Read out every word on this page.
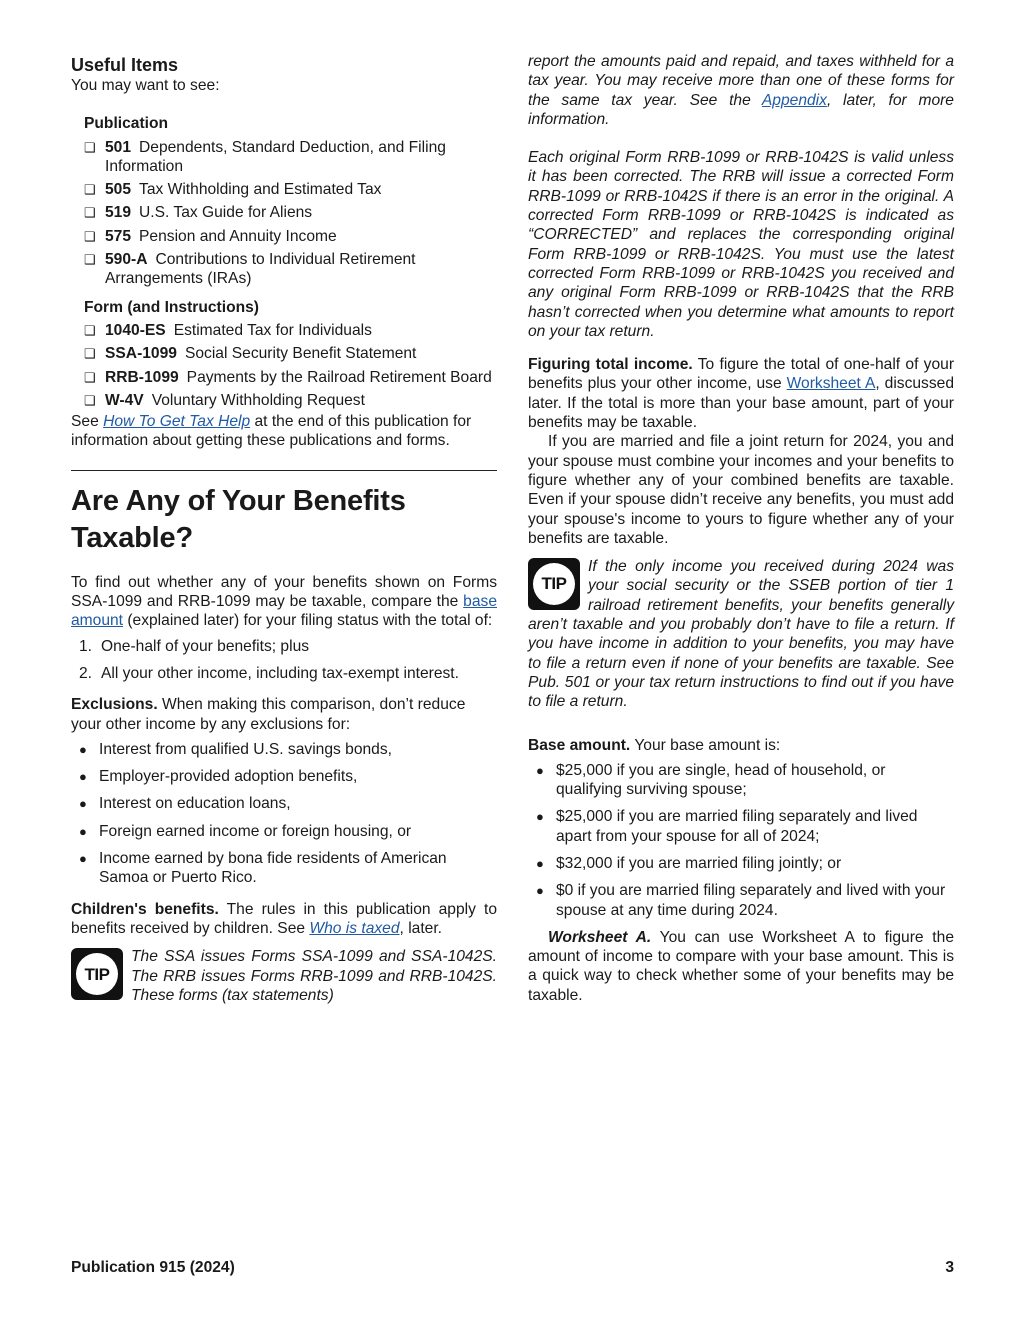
Useful Items

You may want to see:

Publication
❑ 501 Dependents, Standard Deduction, and Filing Information
❑ 505 Tax Withholding and Estimated Tax
❑ 519 U.S. Tax Guide for Aliens
❑ 575 Pension and Annuity Income
❑ 590-A Contributions to Individual Retirement Arrangements (IRAs)
Form (and Instructions)
❑ 1040-ES Estimated Tax for Individuals
❑ SSA-1099 Social Security Benefit Statement
❑ RRB-1099 Payments by the Railroad Retirement Board
❑ W-4V Voluntary Withholding Request

See How To Get Tax Help at the end of this publication for information about getting these publications and forms.

Are Any of Your Benefits Taxable?

To find out whether any of your benefits shown on Forms SSA-1099 and RRB-1099 may be taxable, compare the base amount (explained later) for your filing status with the total of:

1. One-half of your benefits; plus
2. All your other income, including tax-exempt interest.

Exclusions. When making this comparison, don’t reduce your other income by any exclusions for:

● Interest from qualified U.S. savings bonds,
● Employer-provided adoption benefits,
● Interest on education loans,
● Foreign earned income or foreign housing, or
● Income earned by bona fide residents of American Samoa or Puerto Rico.

Children's benefits. The rules in this publication apply to benefits received by children. See Who is taxed, later.

TIP

The SSA issues Forms SSA-1099 and SSA-1042S. The RRB issues Forms RRB-1099 and RRB-1042S. These forms (tax statements)

report the amounts paid and repaid, and taxes withheld for a tax year. You may receive more than one of these forms for the same tax year. See the Appendix, later, for more information.

Each original Form RRB-1099 or RRB-1042S is valid unless it has been corrected. The RRB will issue a corrected Form RRB-1099 or RRB-1042S if there is an error in the original. A corrected Form RRB-1099 or RRB-1042S is indicated as “CORRECTED” and replaces the corresponding original Form RRB-1099 or RRB-1042S. You must use the latest corrected Form RRB-1099 or RRB-1042S you received and any original Form RRB-1099 or RRB-1042S that the RRB hasn’t corrected when you determine what amounts to report on your tax return.

Figuring total income. To figure the total of one-half of your benefits plus your other income, use Worksheet A, discussed later. If the total is more than your base amount, part of your benefits may be taxable.

If you are married and file a joint return for 2024, you and your spouse must combine your incomes and your benefits to figure whether any of your combined benefits are taxable. Even if your spouse didn’t receive any benefits, you must add your spouse's income to yours to figure whether any of your benefits are taxable.

TIP

If the only income you received during 2024 was your social security or the SSEB portion of tier 1 railroad retirement benefits, your benefits generally aren’t taxable and you probably don’t have to file a return. If you have income in addition to your benefits, you may have to file a return even if none of your benefits are taxable. See Pub. 501 or your tax return instructions to find out if you have to file a return.

Base amount. Your base amount is:

● $25,000 if you are single, head of household, or qualifying surviving spouse;
● $25,000 if you are married filing separately and lived apart from your spouse for all of 2024;
● $32,000 if you are married filing jointly; or
● $0 if you are married filing separately and lived with your spouse at any time during 2024.

Worksheet A. You can use Worksheet A to figure the amount of income to compare with your base amount. This is a quick way to check whether some of your benefits may be taxable.

Publication 915 (2024)	3
